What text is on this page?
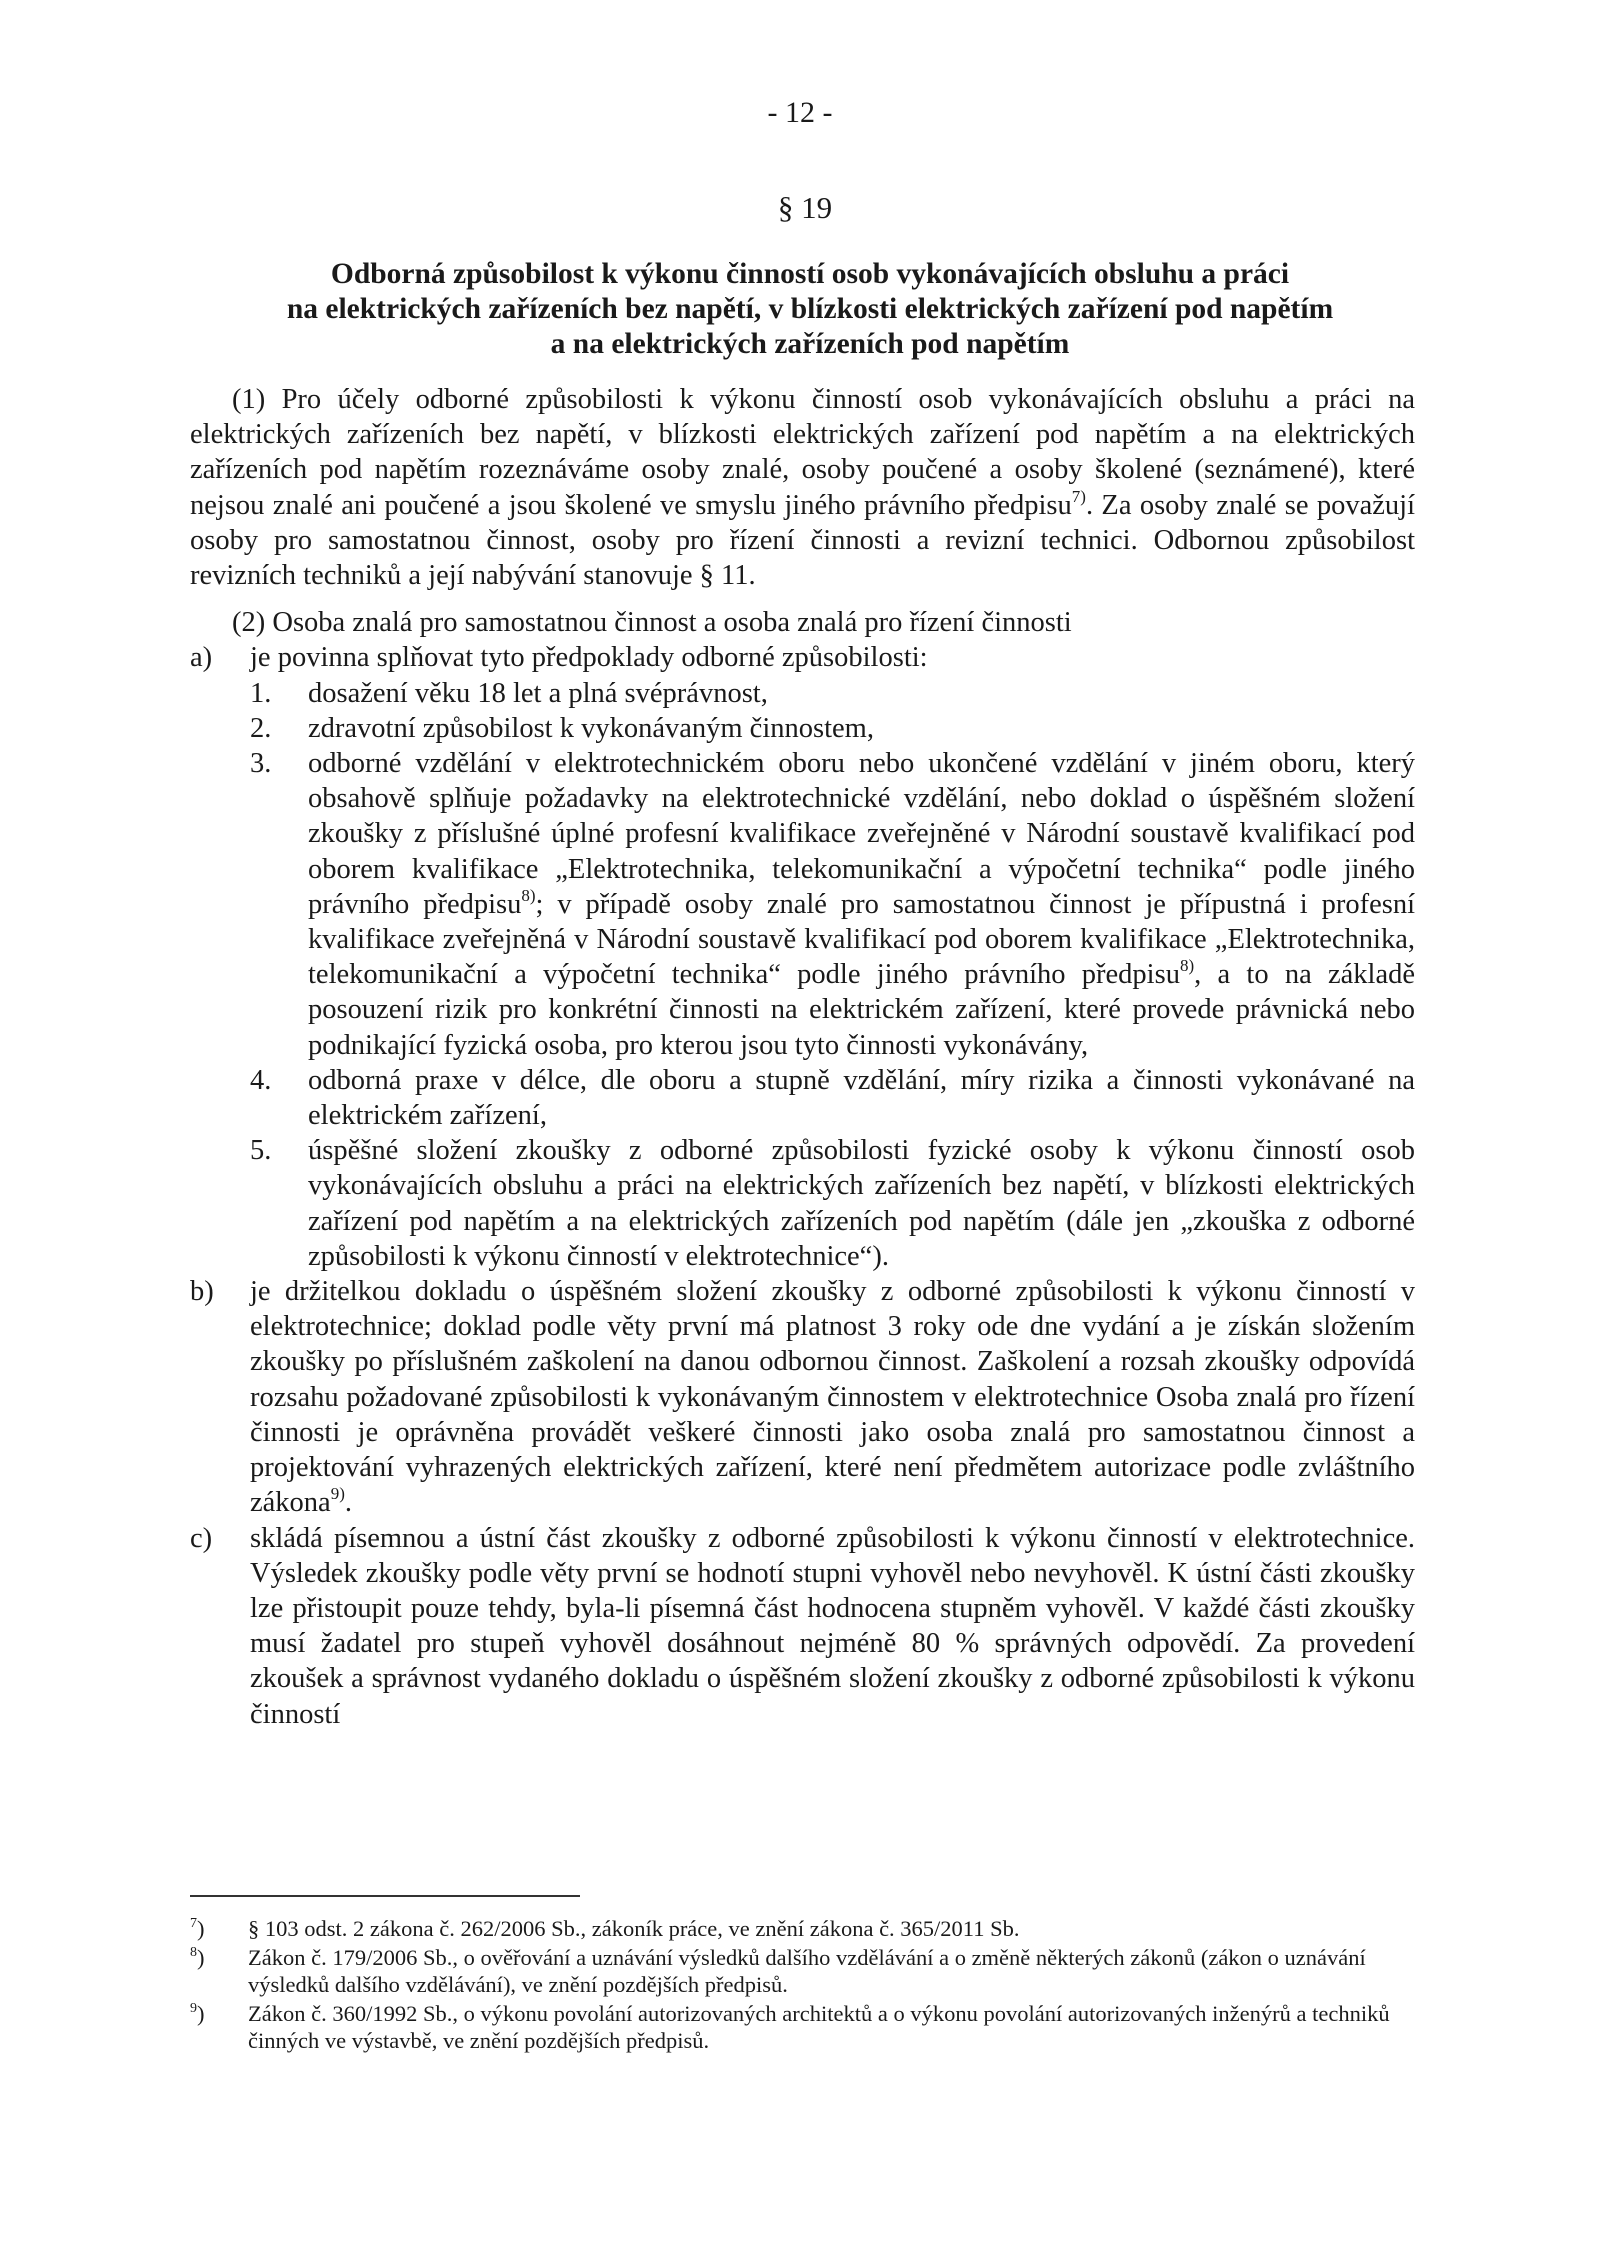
- 12 -
§ 19
Odborná způsobilost k výkonu činností osob vykonávajících obsluhu a práci
na elektrických zařízeních bez napětí, v blízkosti elektrických zařízení pod napětím
a na elektrických zařízeních pod napětím

(1) Pro účely odborné způsobilosti k výkonu činností osob vykonávajících obsluhu a práci na elektrických zařízeních bez napětí, v blízkosti elektrických zařízení pod napětím a na elektrických zařízeních pod napětím rozeznáváme osoby znalé, osoby poučené a osoby školené (seznámené), které nejsou znalé ani poučené a jsou školené ve smyslu jiného právního předpisu$^{7)}$. Za osoby znalé se považují osoby pro samostatnou činnost, osoby pro řízení činnosti a revizní technici. Odbornou způsobilost revizních techniků a její nabývání stanovuje § 11.

(2) Osoba znalá pro samostatnou činnost a osoba znalá pro řízení činnosti

a)	je povinna splňovat tyto předpoklady odborné způsobilosti:
1.	dosažení věku 18 let a plná svéprávnost,
2.	zdravotní způsobilost k vykonávaným činnostem,
3.	odborné vzdělání v elektrotechnickém oboru nebo ukončené vzdělání v jiném oboru, který obsahově splňuje požadavky na elektrotechnické vzdělání, nebo doklad o úspěšném složení zkoušky z příslušné úplné profesní kvalifikace zveřejněné v Národní soustavě kvalifikací pod oborem kvalifikace „Elektrotechnika, telekomunikační a výpočetní technika“ podle jiného právního předpisu$^{8)}$; v případě osoby znalé pro samostatnou činnost je přípustná i profesní kvalifikace zveřejněná v Národní soustavě kvalifikací pod oborem kvalifikace „Elektrotechnika, telekomunikační a výpočetní technika“ podle jiného právního předpisu$^{8)}$, a to na základě posouzení rizik pro konkrétní činnosti na elektrickém zařízení, které provede právnická nebo podnikající fyzická osoba, pro kterou jsou tyto činnosti vykonávány,
4.	odborná praxe v délce, dle oboru a stupně vzdělání, míry rizika a činnosti vykonávané na elektrickém zařízení,
5.	úspěšné složení zkoušky z odborné způsobilosti fyzické osoby k výkonu činností osob vykonávajících obsluhu a práci na elektrických zařízeních bez napětí, v blízkosti elektrických zařízení pod napětím a na elektrických zařízeních pod napětím (dále jen „zkouška z odborné způsobilosti k výkonu činností v elektrotechnice“).
b)	je držitelkou dokladu o úspěšném složení zkoušky z odborné způsobilosti k výkonu činností v elektrotechnice; doklad podle věty první má platnost 3 roky ode dne vydání a je získán složením zkoušky po příslušném zaškolení na danou odbornou činnost. Zaškolení a rozsah zkoušky odpovídá rozsahu požadované způsobilosti k vykonávaným činnostem v elektrotechnice Osoba znalá pro řízení činnosti je oprávněna provádět veškeré činnosti jako osoba znalá pro samostatnou činnost a projektování vyhrazených elektrických zařízení, které není předmětem autorizace podle zvláštního zákona$^{9)}$.

c)	skládá písemnou a ústní část zkoušky z odborné způsobilosti k výkonu činností v elektrotechnice. Výsledek zkoušky podle věty první se hodnotí stupni vyhověl nebo nevyhověl. K ústní části zkoušky lze přistoupit pouze tehdy, byla-li písemná část hodnocena stupněm vyhověl. V každé části zkoušky musí žadatel pro stupeň vyhověl dosáhnout nejméně 80 % správných odpovědí. Za provedení zkoušek a správnost vydaného dokladu o úspěšném složení zkoušky z odborné způsobilosti k výkonu činností

$^7$)	§ 103 odst. 2 zákona č. 262/2006 Sb., zákoník práce, ve znění zákona č. 365/2011 Sb.
$^8$)	Zákon č. 179/2006 Sb., o ověřování a uznávání výsledků dalšího vzdělávání a o změně některých zákonů (zákon o uznávání výsledků dalšího vzdělávání), ve znění pozdějších předpisů.
$^9$)	Zákon č. 360/1992 Sb., o výkonu povolání autorizovaných architektů a o výkonu povolání autorizovaných inženýrů a techniků činných ve výstavbě, ve znění pozdějších předpisů.
